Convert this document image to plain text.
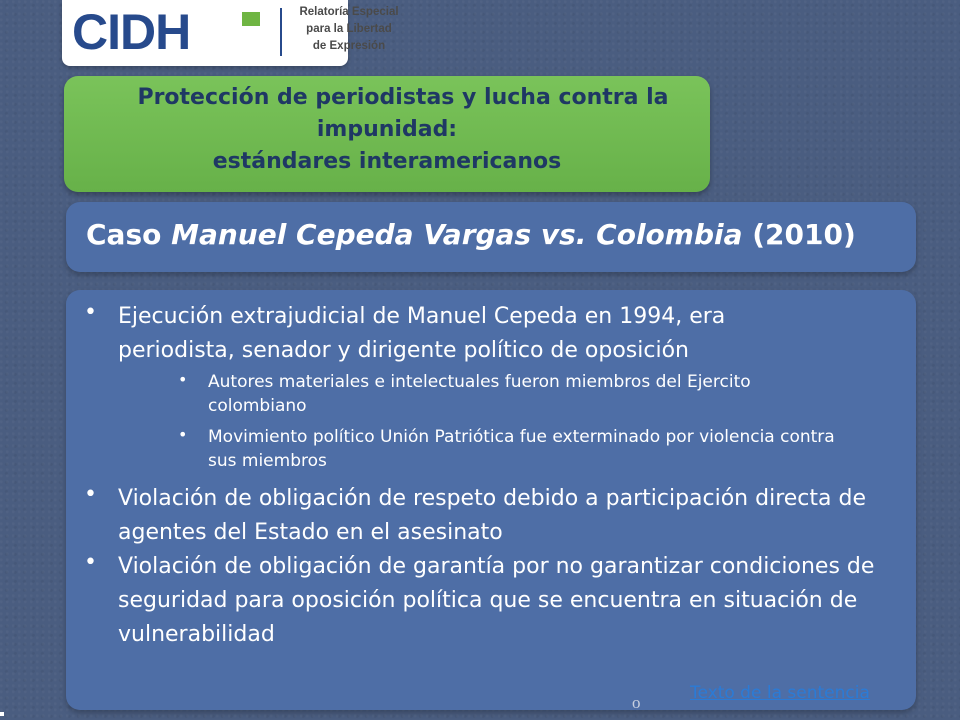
CIDH	Relatoría Especial
para la Libertad
de Expresión
Protección de periodistas y lucha contra la
impunidad:
estándares interamericanos
Caso Manuel Cepeda Vargas vs. Colombia (2010)
• Ejecución extrajudicial de Manuel Cepeda en 1994, era periodista, senador y dirigente político de oposición
• Autores materiales e intelectuales fueron miembros del Ejercito colombiano
• Movimiento político Unión Patriótica fue exterminado por violencia contra sus miembros
• Violación de obligación de respeto debido a participación directa de agentes del Estado en el asesinato
• Violación de obligación de garantía por no garantizar condiciones de seguridad para oposición política que se encuentra en situación de vulnerabilidad
o	Texto de la sentencia
